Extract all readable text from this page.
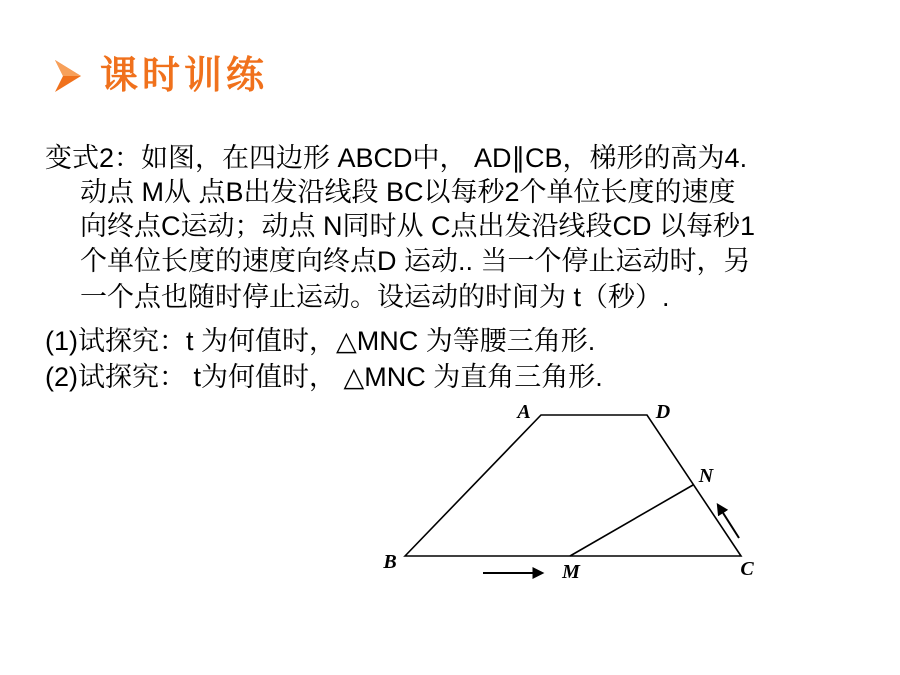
课时训练
变式2：如图，在四边形 ABCD中， AD∥CB，梯形的高为4.
动点 M从 点B出发沿线段 BC以每秒2个单位长度的速度
向终点C运动；动点 N同时从 C点出发沿线段CD 以每秒1
个单位长度的速度向终点D 运动.. 当一个停止运动时，另
一个点也随时停止运动。设运动的时间为 t（秒）.
(1)试探究：t 为何值时，△MNC 为等腰三角形.
(2)试探究： t为何值时， △MNC 为直角三角形.
A	D
N
B	M	C
